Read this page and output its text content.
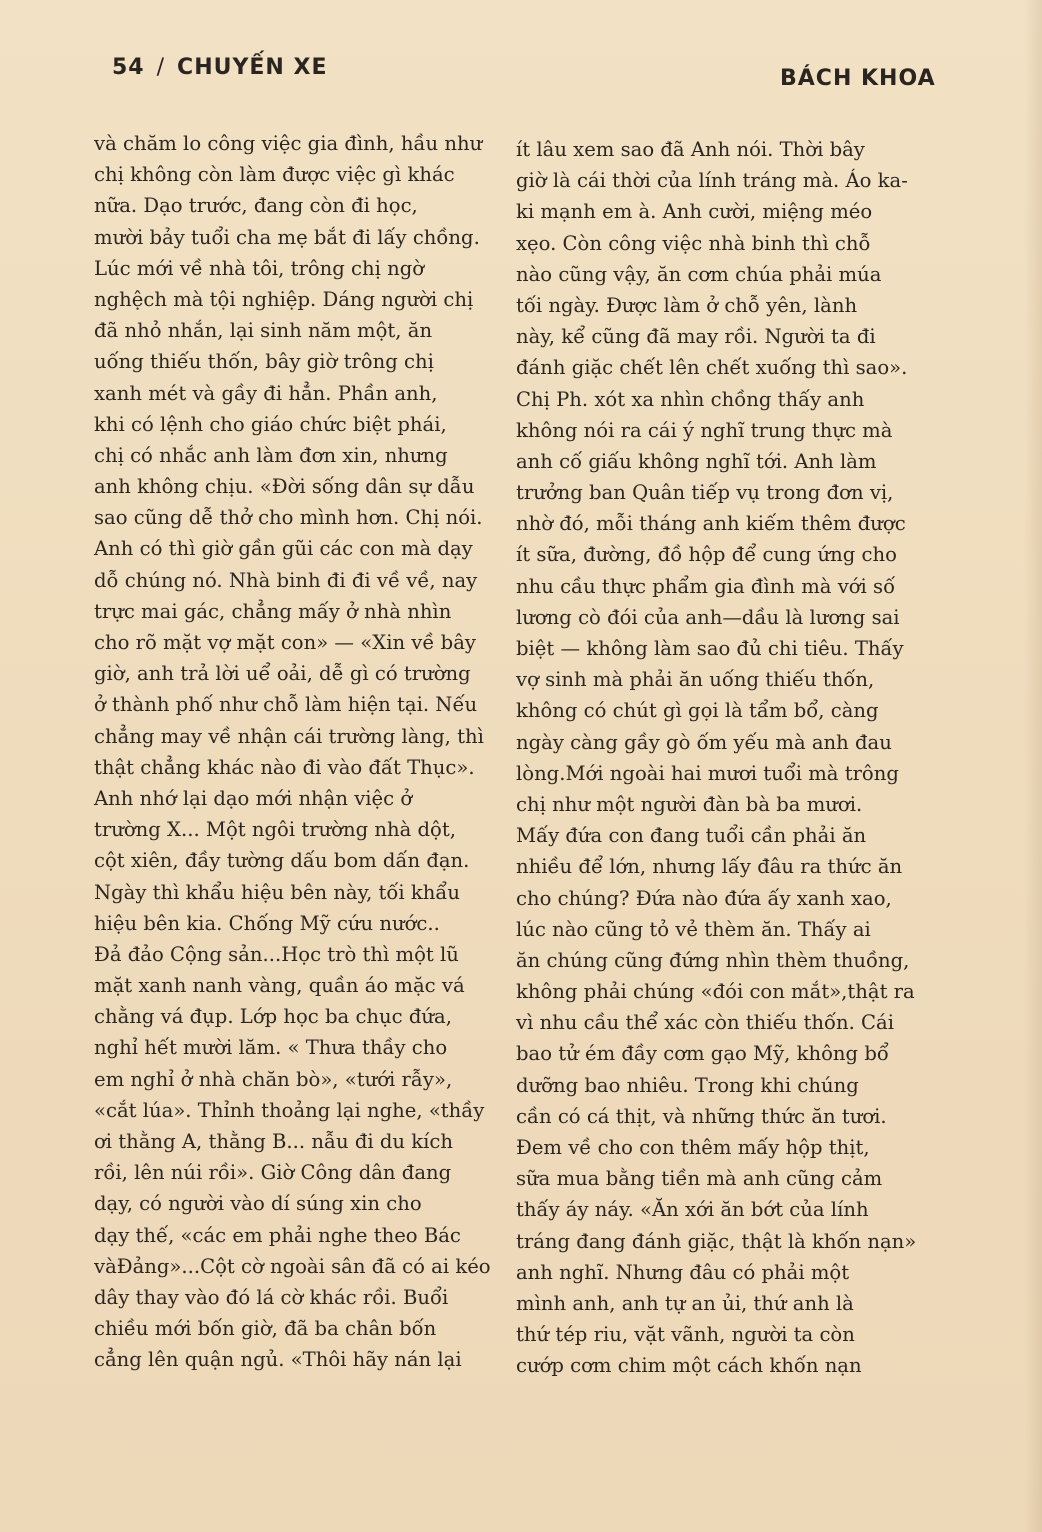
54 / CHUYẾN XE	BÁCH KHOA
và chăm lo công việc gia đình, hầu như
chị không còn làm được việc gì khác
nữa. Dạo trước, đang còn đi học,
mười bảy tuổi cha mẹ bắt đi lấy chồng.
Lúc mới về nhà tôi, trông chị ngờ
nghệch mà tội nghiệp. Dáng người chị
đã nhỏ nhắn, lại sinh năm một, ăn
uống thiếu thốn, bây giờ trông chị
xanh mét và gầy đi hẳn. Phần anh,
khi có lệnh cho giáo chức biệt phái,
chị có nhắc anh làm đơn xin, nhưng
anh không chịu. «Đời sống dân sự dẫu
sao cũng dễ thở cho mình hơn. Chị nói.
Anh có thì giờ gần gũi các con mà dạy
dỗ chúng nó. Nhà binh đi đi về về, nay
trực mai gác, chẳng mấy ở nhà nhìn
cho rõ mặt vợ mặt con» — «Xin về bây
giờ, anh trả lời uể oải, dễ gì có trường
ở thành phố như chỗ làm hiện tại. Nếu
chẳng may về nhận cái trường làng, thì
thật chẳng khác nào đi vào đất Thục».
Anh nhớ lại dạo mới nhận việc ở
trường X... Một ngôi trường nhà dột,
cột xiên, đầy tường dấu bom dấn đạn.
Ngày thì khẩu hiệu bên này, tối khẩu
hiệu bên kia. Chống Mỹ cứu nước..
Đả đảo Cộng sản...Học trò thì một lũ
mặt xanh nanh vàng, quần áo mặc vá
chằng vá đụp. Lớp học ba chục đứa,
nghỉ hết mười lăm. « Thưa thầy cho
em nghỉ ở nhà chăn bò», «tưới rẫy»,
«cắt lúa». Thỉnh thoảng lại nghe, «thầy
ơi thằng A, thằng B... nẫu đi du kích
rồi, lên núi rồi». Giờ Công dân đang
dạy, có người vào dí súng xin cho
dạy thế, «các em phải nghe theo Bác
vàĐảng»...Cột cờ ngoài sân đã có ai kéo
dây thay vào đó lá cờ khác rồi. Buổi
chiều mới bốn giờ, đã ba chân bốn
cẳng lên quận ngủ. «Thôi hãy nán lại
ít lâu xem sao đã Anh nói. Thời bây
giờ là cái thời của lính tráng mà. Áo ka-
ki mạnh em à. Anh cười, miệng méo
xẹo. Còn công việc nhà binh thì chỗ
nào cũng vậy, ăn cơm chúa phải múa
tối ngày. Được làm ở chỗ yên, lành
này, kể cũng đã may rồi. Người ta đi
đánh giặc chết lên chết xuống thì sao».
Chị Ph. xót xa nhìn chồng thấy anh
không nói ra cái ý nghĩ trung thực mà
anh cố giấu không nghĩ tới. Anh làm
trưởng ban Quân tiếp vụ trong đơn vị,
nhờ đó, mỗi tháng anh kiếm thêm được
ít sữa, đường, đồ hộp để cung ứng cho
nhu cầu thực phẩm gia đình mà với số
lương cò đói của anh—dầu là lương sai
biệt — không làm sao đủ chi tiêu. Thấy
vợ sinh mà phải ăn uống thiếu thốn,
không có chút gì gọi là tẩm bổ, càng
ngày càng gầy gò ốm yếu mà anh đau
lòng.Mới ngoài hai mươi tuổi mà trông
chị như một người đàn bà ba mươi.
Mấy đứa con đang tuổi cần phải ăn
nhiều để lớn, nhưng lấy đâu ra thức ăn
cho chúng? Đứa nào đứa ấy xanh xao,
lúc nào cũng tỏ vẻ thèm ăn. Thấy ai
ăn chúng cũng đứng nhìn thèm thuồng,
không phải chúng «đói con mắt»,thật ra
vì nhu cầu thể xác còn thiếu thốn. Cái
bao tử ém đầy cơm gạo Mỹ, không bổ
dưỡng bao nhiêu. Trong khi chúng
cần có cá thịt, và những thức ăn tươi.
Đem về cho con thêm mấy hộp thịt,
sữa mua bằng tiền mà anh cũng cảm
thấy áy náy. «Ăn xới ăn bớt của lính
tráng đang đánh giặc, thật là khốn nạn»
anh nghĩ. Nhưng đâu có phải một
mình anh, anh tự an ủi, thứ anh là
thứ tép riu, vặt vãnh, người ta còn
cướp cơm chim một cách khốn nạn
